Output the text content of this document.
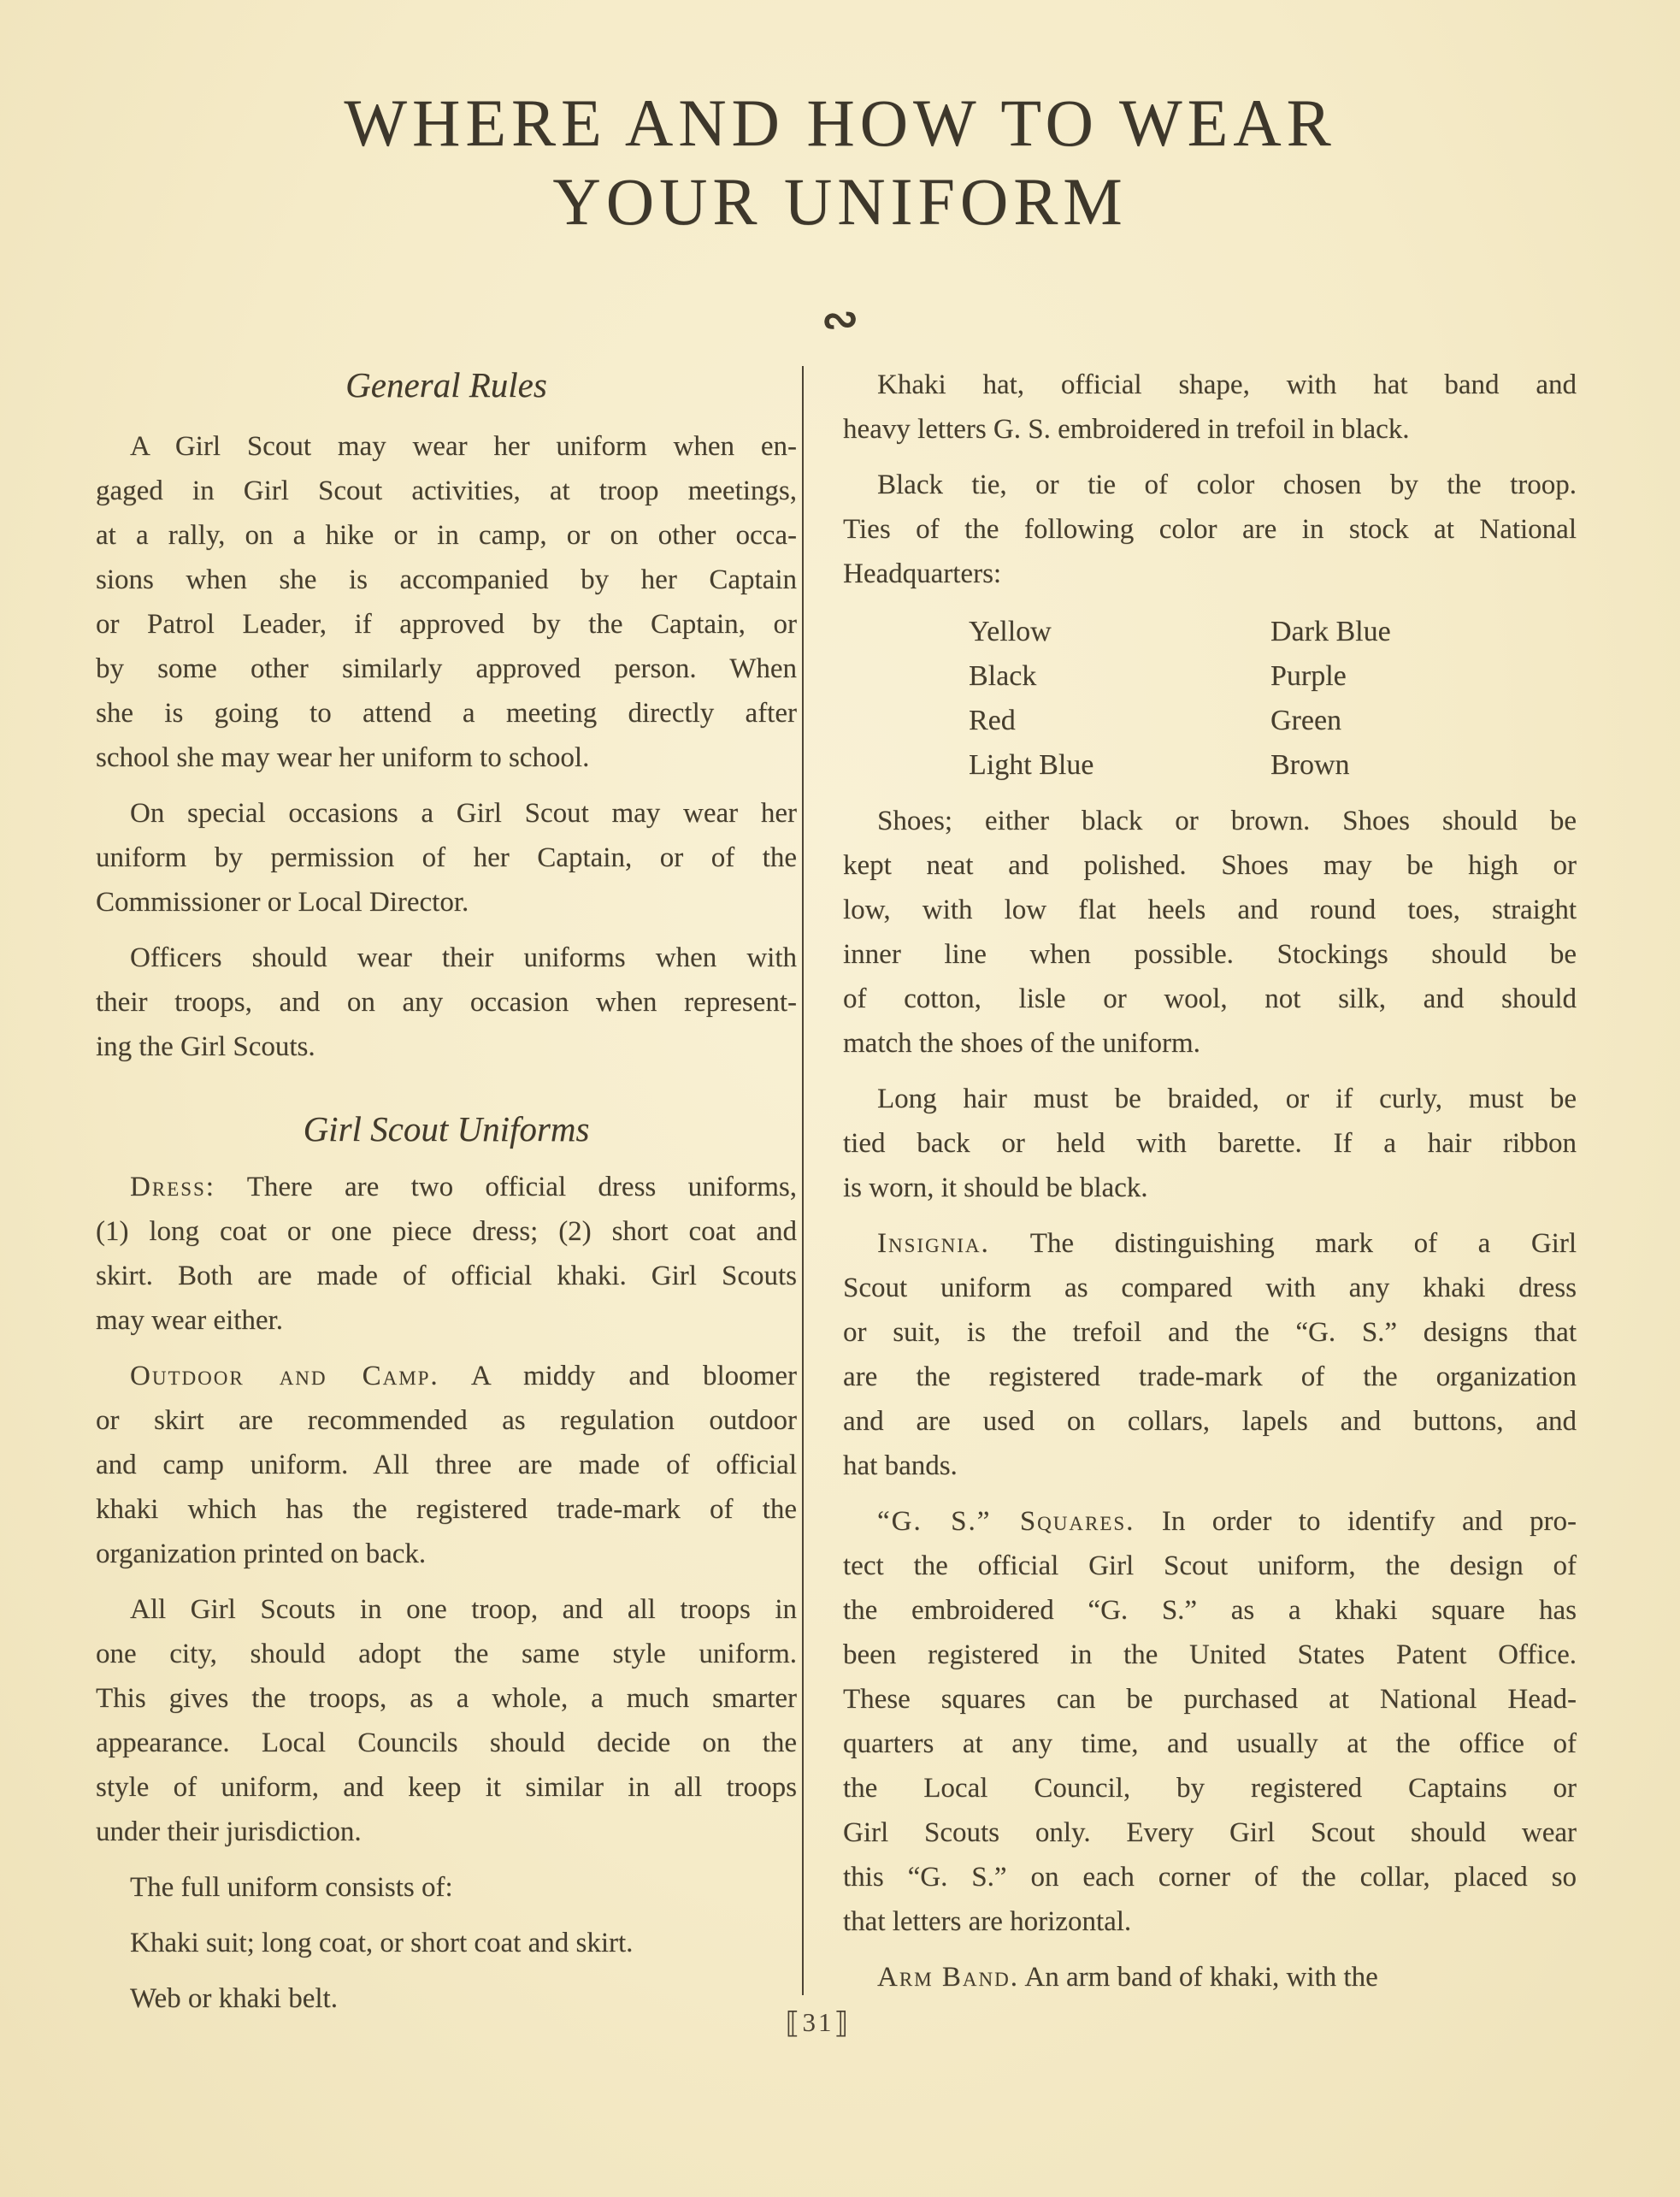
WHERE AND HOW TO WEAR
YOUR UNIFORM
∾
General Rules
A Girl Scout may wear her uniform when en-
gaged in Girl Scout activities, at troop meetings,
at a rally, on a hike or in camp, or on other occa-
sions when she is accompanied by her Captain
or Patrol Leader, if approved by the Captain, or
by some other similarly approved person. When
she is going to attend a meeting directly after
school she may wear her uniform to school.
On special occasions a Girl Scout may wear her
uniform by permission of her Captain, or of the
Commissioner or Local Director.
Officers should wear their uniforms when with
their troops, and on any occasion when represent-
ing the Girl Scouts.
Girl Scout Uniforms
Dress: There are two official dress uniforms,
(1) long coat or one piece dress; (2) short coat and
skirt. Both are made of official khaki. Girl Scouts
may wear either.
Outdoor and Camp. A middy and bloomer
or skirt are recommended as regulation outdoor
and camp uniform. All three are made of official
khaki which has the registered trade-mark of the
organization printed on back.
All Girl Scouts in one troop, and all troops in
one city, should adopt the same style uniform.
This gives the troops, as a whole, a much smarter
appearance. Local Councils should decide on the
style of uniform, and keep it similar in all troops
under their jurisdiction.
The full uniform consists of:
Khaki suit; long coat, or short coat and skirt.
Web or khaki belt.
Khaki hat, official shape, with hat band and
heavy letters G. S. embroidered in trefoil in black.
Black tie, or tie of color chosen by the troop.
Ties of the following color are in stock at National
Headquarters:
Yellow	Dark Blue
Black	Purple
Red	Green
Light Blue	Brown
Shoes; either black or brown. Shoes should be
kept neat and polished. Shoes may be high or
low, with low flat heels and round toes, straight
inner line when possible. Stockings should be
of cotton, lisle or wool, not silk, and should
match the shoes of the uniform.
Long hair must be braided, or if curly, must be
tied back or held with barette. If a hair ribbon
is worn, it should be black.
Insignia. The distinguishing mark of a Girl
Scout uniform as compared with any khaki dress
or suit, is the trefoil and the “G. S.” designs that
are the registered trade-mark of the organization
and are used on collars, lapels and buttons, and
hat bands.
“G. S.” Squares. In order to identify and pro-
tect the official Girl Scout uniform, the design of
the embroidered “G. S.” as a khaki square has
been registered in the United States Patent Office.
These squares can be purchased at National Head-
quarters at any time, and usually at the office of
the Local Council, by registered Captains or
Girl Scouts only. Every Girl Scout should wear
this “G. S.” on each corner of the collar, placed so
that letters are horizontal.
Arm Band. An arm band of khaki, with the
⟦31⟧
